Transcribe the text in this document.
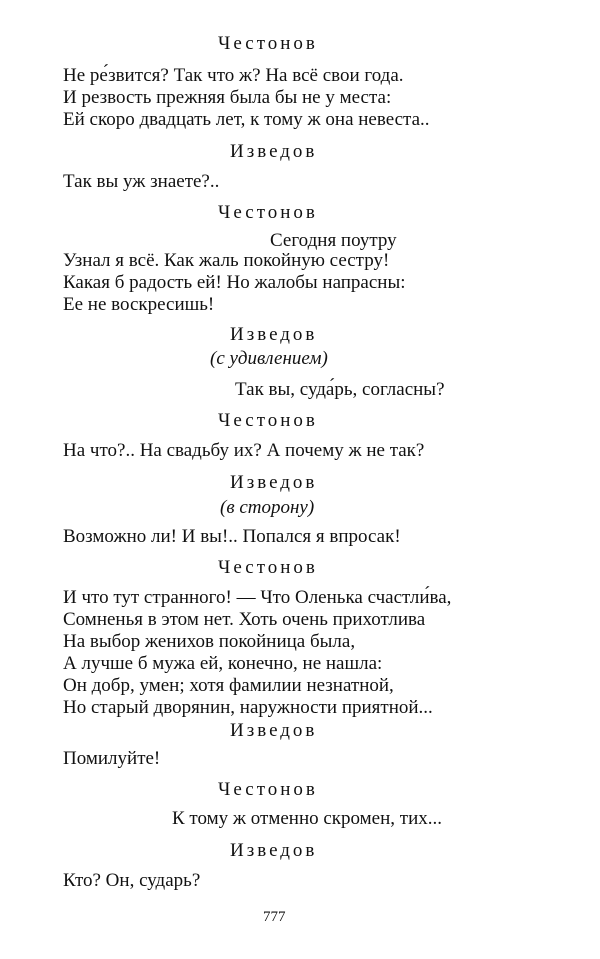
Честонов
Не ре́звится? Так что ж? На всё свои года.
И резвость прежняя была бы не у места:
Ей скоро двадцать лет, к тому ж она невеста..
Изведов
Так вы уж знаете?..
Честонов
Сегодня поутру
Узнал я всё. Как жаль покойную сестру!
Какая б радость ей! Но жалобы напрасны:
Ее не воскресишь!
Изведов
(с удивлением)
Так вы, суда́рь, согласны?
Честонов
На что?.. На свадьбу их? А почему ж не так?
Изведов
(в сторону)
Возможно ли! И вы!.. Попался я впросак!
Честонов
И что тут странного! — Что Оленька счастли́ва,
Сомненья в этом нет. Хоть очень прихотлива
На выбор женихов покойница была,
А лучше б мужа ей, конечно, не нашла:
Он добр, умен; хотя фамилии незнатной,
Но старый дворянин, наружности приятной...
Изведов
Помилуйте!
Честонов
К тому ж отменно скромен, тих...
Изведов
Кто? Он, сударь?
777
